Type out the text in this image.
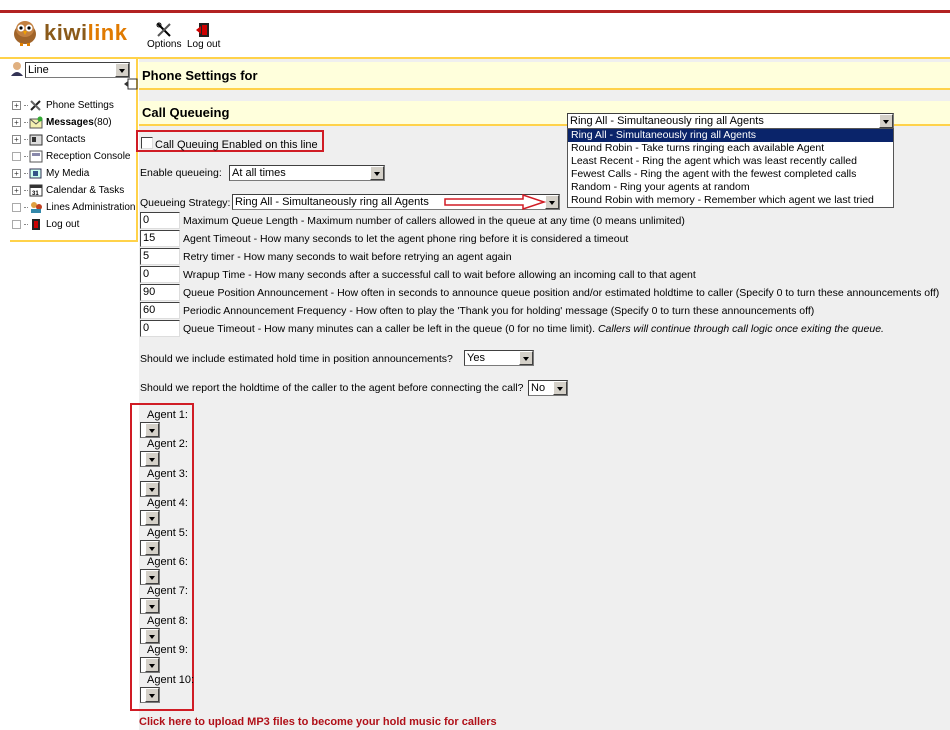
kiwilink Options Log out
Line
+	Phone Settings
+	Messages (80)
+	Contacts
Reception Console
+	My Media
+	31 Calendar & Tasks
Lines Administration
Log out
Phone Settings for
Call Queueing
Ring All - Simultaneously ring all Agents
Ring All - Simultaneously ring all Agents
Round Robin - Take turns ringing each available Agent
Least Recent - Ring the agent which was least recently called
Fewest Calls - Ring the agent with the fewest completed calls
Random - Ring your agents at random
Round Robin with memory - Remember which agent we last tried
Call Queuing Enabled on this line
Enable queueing: At all times
Queueing Strategy: Ring All - Simultaneously ring all Agents
0	Maximum Queue Length - Maximum number of callers allowed in the queue at any time (0 means unlimited)
15	Agent Timeout - How many seconds to let the agent phone ring before it is considered a timeout
5	Retry timer - How many seconds to wait before retrying an agent again
0	Wrapup Time - How many seconds after a successful call to wait before allowing an incoming call to that agent
90	Queue Position Announcement - How often in seconds to announce queue position and/or estimated holdtime to caller (Specify 0 to turn these announcements off)
60	Periodic Announcement Frequency - How often to play the 'Thank you for holding' message (Specify 0 to turn these announcements off)
0	Queue Timeout - How many minutes can a caller be left in the queue (0 for no time limit). Callers will continue through call logic once exiting the queue.
Should we include estimated hold time in position announcements? Yes
Should we report the holdtime of the caller to the agent before connecting the call? No
Agent 1:
Agent 2:
Agent 3:
Agent 4:
Agent 5:
Agent 6:
Agent 7:
Agent 8:
Agent 9:
Agent 10:
Click here to upload MP3 files to become your hold music for callers
